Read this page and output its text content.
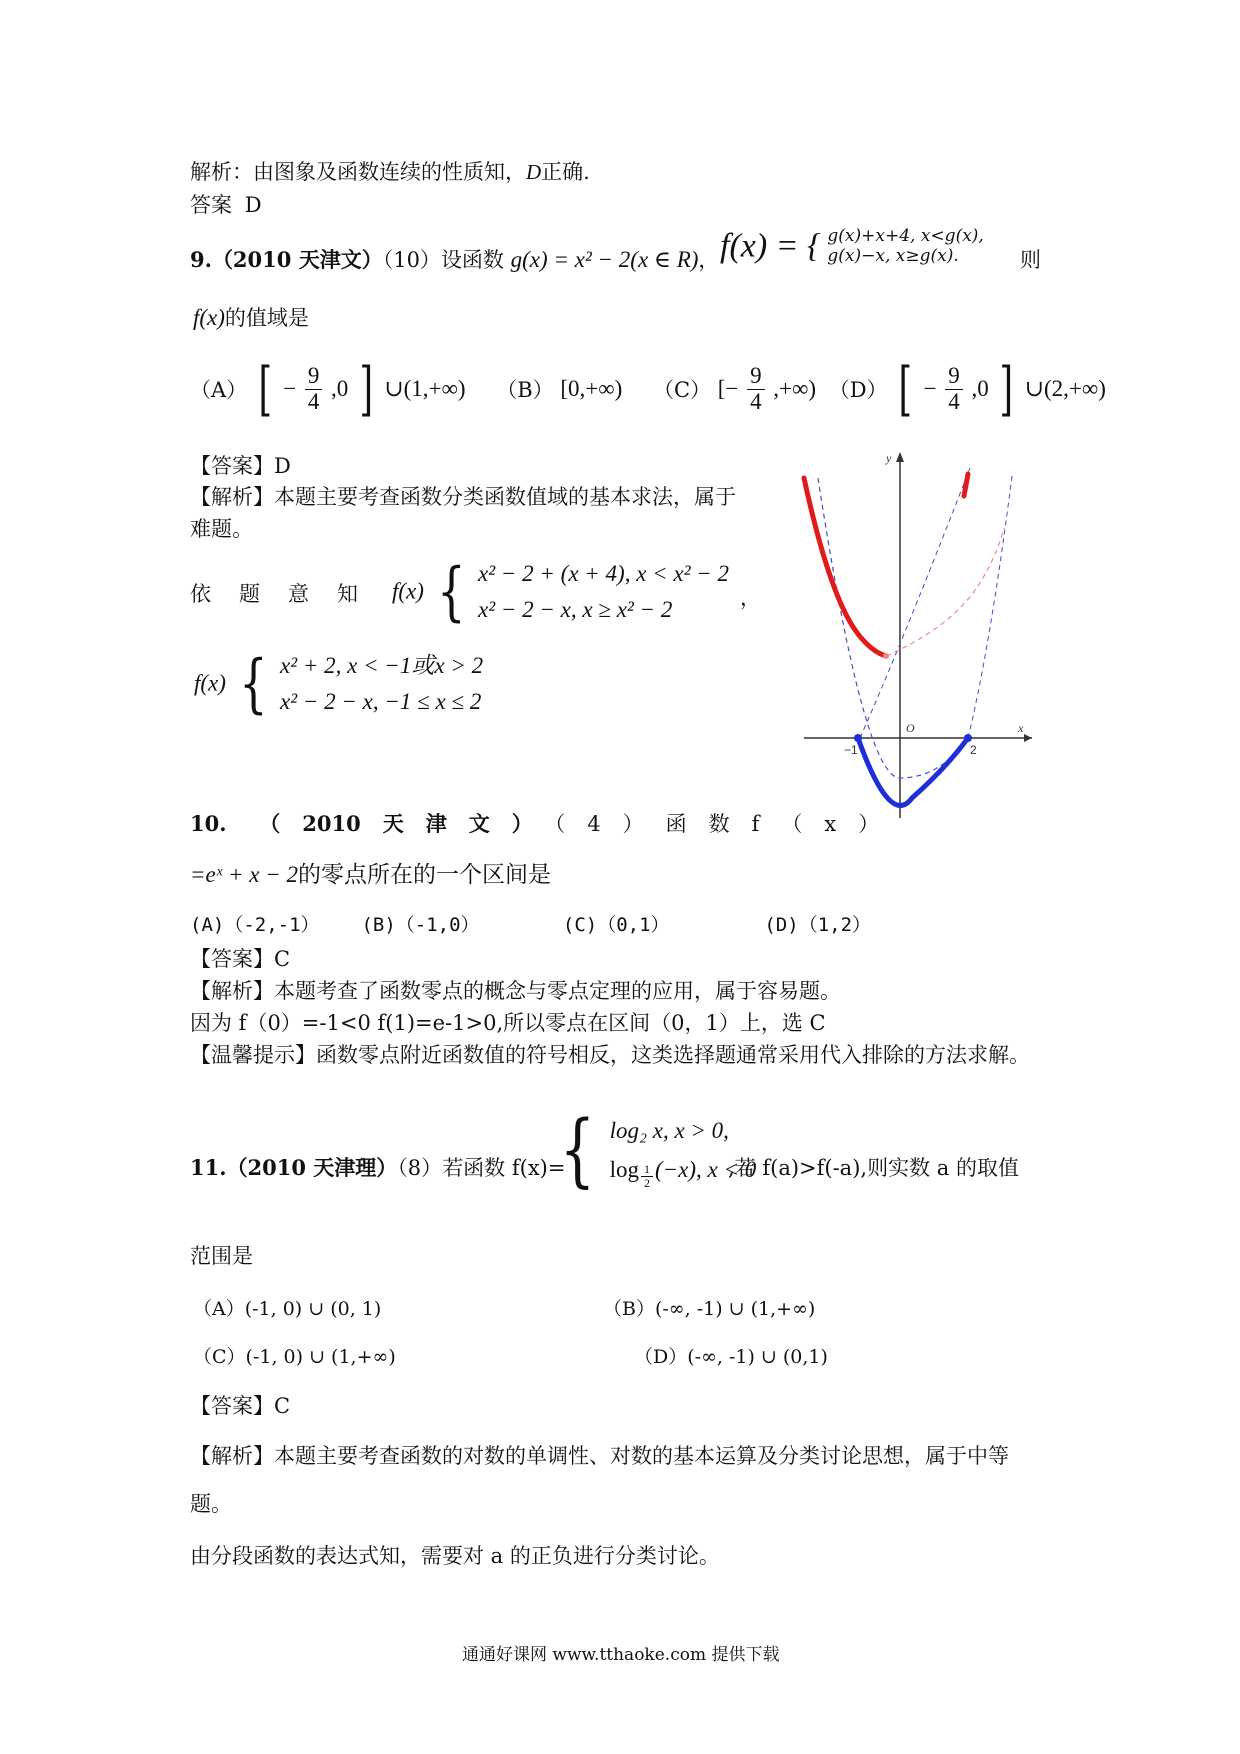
解析：由图象及函数连续的性质知，D正确.
答案 D
9.（2010 天津文）（10）设函数 g(x) = x² − 2(x ∈ R)， f(x) = { g(x)+x+4, x<g(x),
g(x)−x, x≥g(x).	则
f(x)的值域是
（A） [ − $\frac{9}{4} ,0$ ] ∪(1,+∞) （B） [0,+∞) （C） [− $\frac{9}{4}$ ,+∞) （D） [ − $\frac{9}{4} ,0$ ] ∪(2,+∞)
【答案】D
【解析】本题主要考查函数分类函数值域的基本求法，属于
难题。
依 题 意 知 f(x) { x² − 2 + (x + 4), x < x² − 2
x² − 2 − x, x ≥ x² − 2	，
f(x) { x² + 2, x < −1或x > 2
x² − 2 − x, −1 ≤ x ≤ 2
y
x
O
−1	2
10. （ 2010 天 津 文 ） （ 4 ） 函 数 f （ x ）
=eˣ + x − 2的零点所在的一个区间是
(A)（-2,-1） (B)（-1,0）	(C)（0,1）	(D)（1,2）
【答案】C
【解析】本题考查了函数零点的概念与零点定理的应用，属于容易题。
因为 f（0）=-1<0 f(1)=e-1>0,所以零点在区间（0，1）上，选 C
【温馨提示】函数零点附近函数值的符号相反，这类选择题通常采用代入排除的方法求解。
11.（2010 天津理）（8）若函数 f(x)=
{ log₂ x, x > 0,
$\log \frac{1}{2} (-x)$, x < 0
,若 f(a)>f(-a),则实数 a 的取值
范围是
（A）(-1, 0) ∪ (0, 1)	（B）(-∞, -1) ∪ (1,+∞)
（C）(-1, 0) ∪ (1,+∞)	（D）(-∞, -1) ∪ (0,1)
【答案】C
【解析】本题主要考查函数的对数的单调性、对数的基本运算及分类讨论思想，属于中等
题。
由分段函数的表达式知，需要对 a 的正负进行分类讨论。
通通好课网 www.tthaoke.com 提供下载
